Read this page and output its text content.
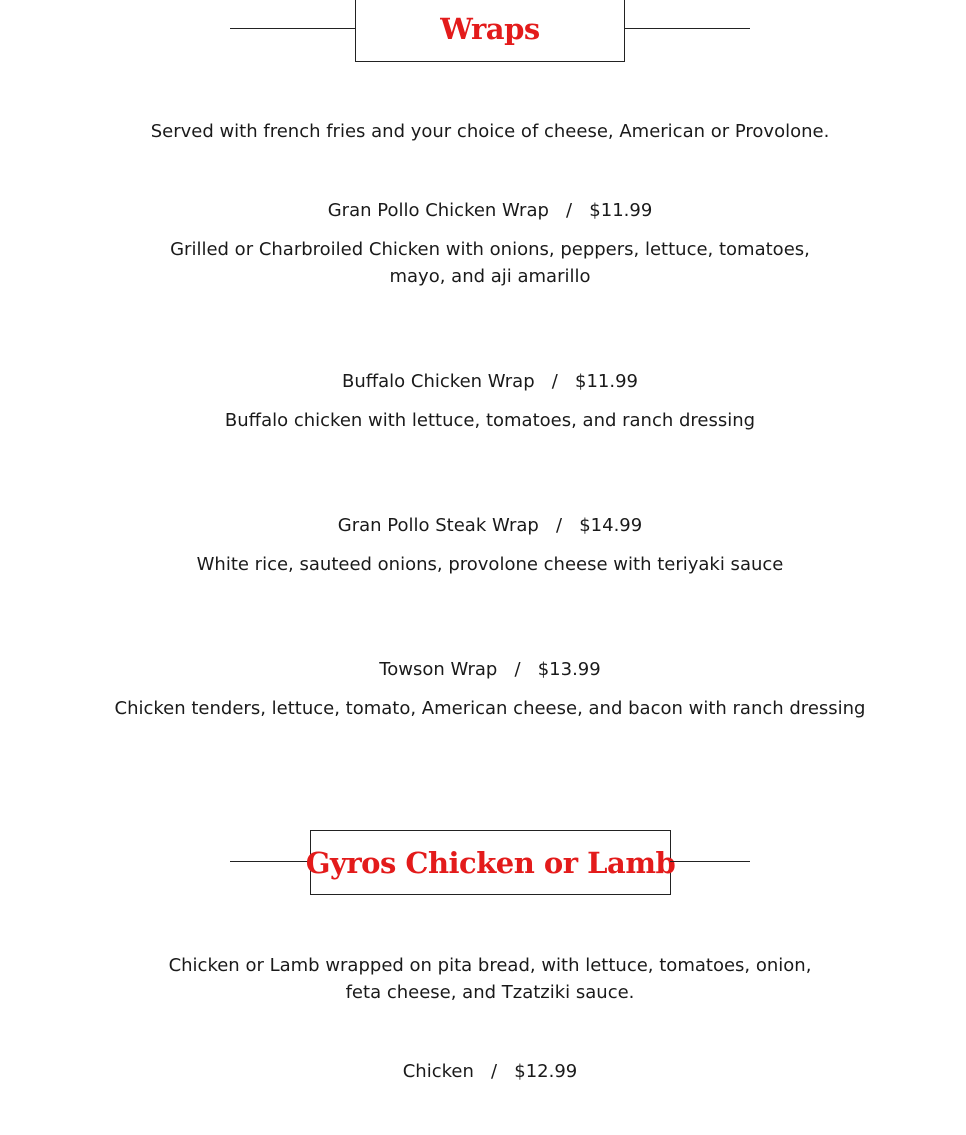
Wraps
Served with french fries and your choice of cheese, American or Provolone.
Gran Pollo Chicken Wrap   /   $11.99
Grilled or Charbroiled Chicken with onions, peppers, lettuce, tomatoes, mayo, and aji amarillo
Buffalo Chicken Wrap   /   $11.99
Buffalo chicken with lettuce, tomatoes, and ranch dressing
Gran Pollo Steak Wrap   /   $14.99
White rice, sauteed onions, provolone cheese with teriyaki sauce
Towson Wrap   /   $13.99
Chicken tenders, lettuce, tomato, American cheese, and bacon with ranch dressing
Gyros Chicken or Lamb
Chicken or Lamb wrapped on pita bread, with lettuce, tomatoes, onion, feta cheese, and Tzatziki sauce.
Chicken   /   $12.99
